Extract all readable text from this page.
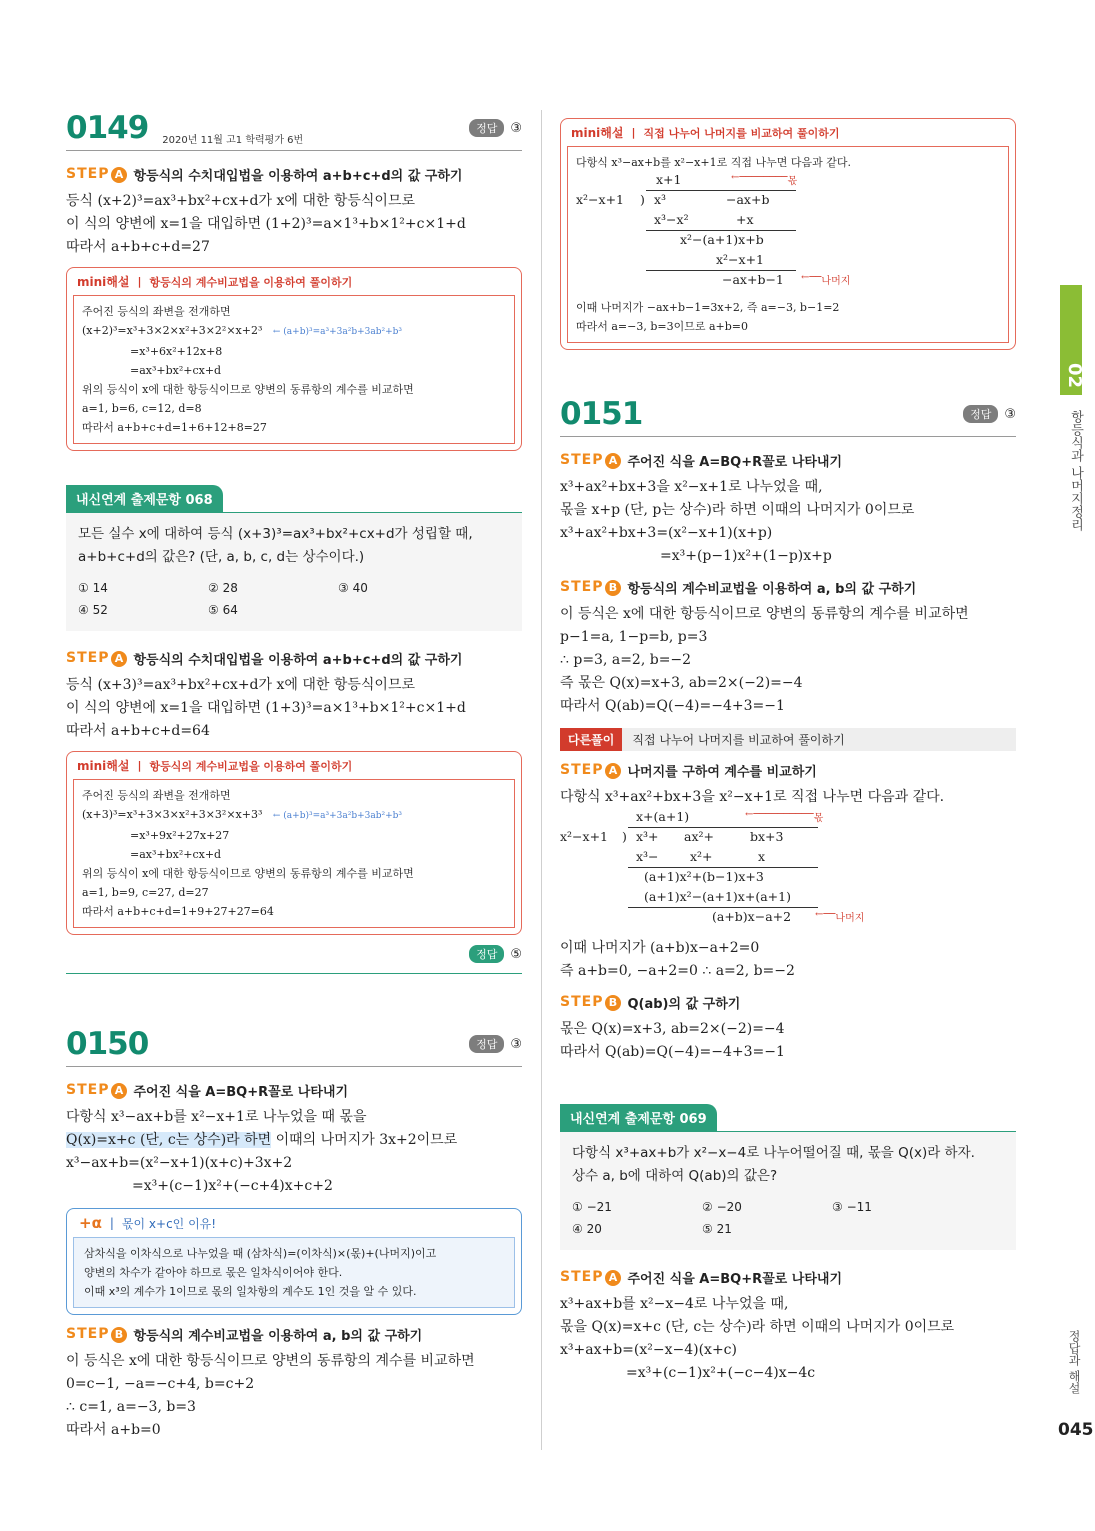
0149 2020년 11월 고1 학력평가 6번
정답	③
STEP A 항등식의 수치대입법을 이용하여 a+b+c+d의 값 구하기

등식 (x+2)³=ax³+bx²+cx+d가 x에 대한 항등식이므로

이 식의 양변에 x=1을 대입하면 (1+2)³=a×1³+b×1²+c×1+d

따라서 a+b+c+d=27

mini해설 | 항등식의 계수비교법을 이용하여 풀이하기

주어진 등식의 좌변을 전개하면

(x+2)³=x³+3×2×x²+3×2²×x+2³ ← (a+b)³=a³+3a²b+3ab²+b³

=x³+6x²+12x+8

=ax³+bx²+cx+d

위의 등식이 x에 대한 항등식이므로 양변의 동류항의 계수를 비교하면

a=1, b=6, c=12, d=8

따라서 a+b+c+d=1+6+12+8=27

내신연계 출제문항 068

모든 실수 x에 대하여 등식 (x+3)³=ax³+bx²+cx+d가 성립할 때,

a+b+c+d의 값은? (단, a, b, c, d는 상수이다.)

① 14	② 28	③ 40
④ 52	⑤ 64
STEP A 항등식의 수치대입법을 이용하여 a+b+c+d의 값 구하기

등식 (x+3)³=ax³+bx²+cx+d가 x에 대한 항등식이므로

이 식의 양변에 x=1을 대입하면 (1+3)³=a×1³+b×1²+c×1+d

따라서 a+b+c+d=64

mini해설 | 항등식의 계수비교법을 이용하여 풀이하기

주어진 등식의 좌변을 전개하면

(x+3)³=x³+3×3×x²+3×3²×x+3³ ← (a+b)³=a³+3a²b+3ab²+b³

=x³+9x²+27x+27

=ax³+bx²+cx+d

위의 등식이 x에 대한 항등식이므로 양변의 동류항의 계수를 비교하면

a=1, b=9, c=27, d=27

따라서 a+b+c+d=1+9+27+27=64

정답	⑤
0150	정답	③
STEP A 주어진 식을 A=BQ+R꼴로 나타내기

다항식 x³−ax+b를 x²−x+1로 나누었을 때 몫을

Q(x)=x+c (단, c는 상수)라 하면 이때의 나머지가 3x+2이므로

x³−ax+b=(x²−x+1)(x+c)+3x+2

=x³+(c−1)x²+(−c+4)x+c+2

+α | 몫이 x+c인 이유!

삼차식을 이차식으로 나누었을 때 (삼차식)=(이차식)×(몫)+(나머지)이고

양변의 차수가 같아야 하므로 몫은 일차식이어야 한다.

이때 x³의 계수가 1이므로 몫의 일차항의 계수도 1인 것을 알 수 있다.

STEP B 항등식의 계수비교법을 이용하여 a, b의 값 구하기

이 등식은 x에 대한 항등식이므로 양변의 동류항의 계수를 비교하면

0=c−1, −a=−c+4, b=c+2

∴ c=1, a=−3, b=3

따라서 a+b=0

mini해설 | 직접 나누어 나머지를 비교하여 풀이하기

다항식 x³−ax+b를 x²−x+1로 직접 나누면 다음과 같다.

x+1	←──────── 몫
x²−x+1 ) x³	−ax+b
x³−x²	+x
x²−(a+1)x+b
x²−x+1
−ax+b−1 ←── 나머지

이때 나머지가 −ax+b−1=3x+2, 즉 a=−3, b−1=2

따라서 a=−3, b=3이므로 a+b=0

0151	정답	③
STEP A 주어진 식을 A=BQ+R꼴로 나타내기

x³+ax²+bx+3을 x²−x+1로 나누었을 때,

몫을 x+p (단, p는 상수)라 하면 이때의 나머지가 0이므로

x³+ax²+bx+3=(x²−x+1)(x+p)

=x³+(p−1)x²+(1−p)x+p

STEP B 항등식의 계수비교법을 이용하여 a, b의 값 구하기

이 등식은 x에 대한 항등식이므로 양변의 동류항의 계수를 비교하면

p−1=a, 1−p=b, p=3

∴ p=3, a=2, b=−2

즉 몫은 Q(x)=x+3, ab=2×(−2)=−4

따라서 Q(ab)=Q(−4)=−4+3=−1

다른풀이	직접 나누어 나머지를 비교하여 풀이하기
STEP A 나머지를 구하여 계수를 비교하기

다항식 x³+ax²+bx+3을 x²−x+1로 직접 나누면 다음과 같다.

x+(a+1)	←────────── 몫
x²−x+1 ) x³+ ax²+	bx+3
x³−	x²+	x
(a+1)x²+(b−1)x+3
(a+1)x²−(a+1)x+(a+1)
(a+b)x−a+2 ←── 나머지

이때 나머지가 (a+b)x−a+2=0

즉 a+b=0, −a+2=0 ∴ a=2, b=−2

STEP B Q(ab)의 값 구하기

몫은 Q(x)=x+3, ab=2×(−2)=−4

따라서 Q(ab)=Q(−4)=−4+3=−1

내신연계 출제문항 069

다항식 x³+ax+b가 x²−x−4로 나누어떨어질 때, 몫을 Q(x)라 하자.

상수 a, b에 대하여 Q(ab)의 값은?

① −21	② −20	③ −11
④ 20	⑤ 21
STEP A 주어진 식을 A=BQ+R꼴로 나타내기

x³+ax+b를 x²−x−4로 나누었을 때,

몫을 Q(x)=x+c (단, c는 상수)라 하면 이때의 나머지가 0이므로

x³+ax+b=(x²−x−4)(x+c)

=x³+(c−1)x²+(−c−4)x−4c

02
항등식과 나머지정리
정답과 해설
045
